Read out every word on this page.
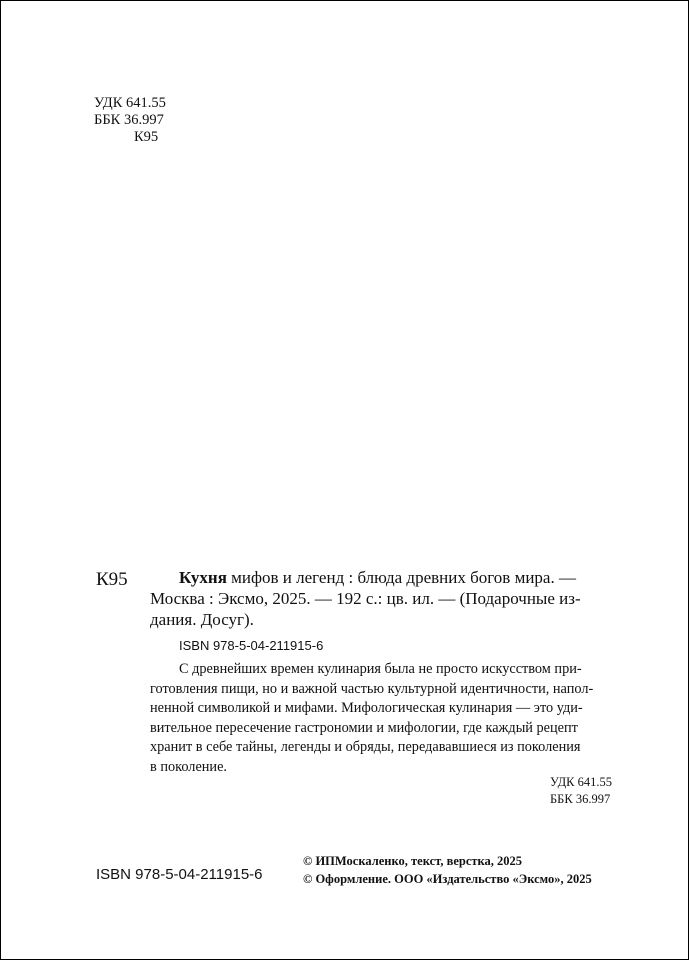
УДК 641.55
ББК 36.997
К95
К95	Кухня мифов и легенд : блюда древних богов мира. —
Москва : Эксмо, 2025. — 192 с.: цв. ил. — (Подарочные из-
дания. Досуг).
ISBN 978-5-04-211915-6
С древнейших времен кулинария была не просто искусством при-
готовления пищи, но и важной частью культурной идентичности, напол-
ненной символикой и мифами. Мифологическая кулинария — это уди-
вительное пересечение гастрономии и мифологии, где каждый рецепт
хранит в себе тайны, легенды и обряды, передававшиеся из поколения
в поколение.
УДК 641.55
ББК 36.997
ISBN 978-5-04-211915-6
© ИПМоскаленко, текст, верстка, 2025
© Оформление. ООО «Издательство «Эксмо», 2025
